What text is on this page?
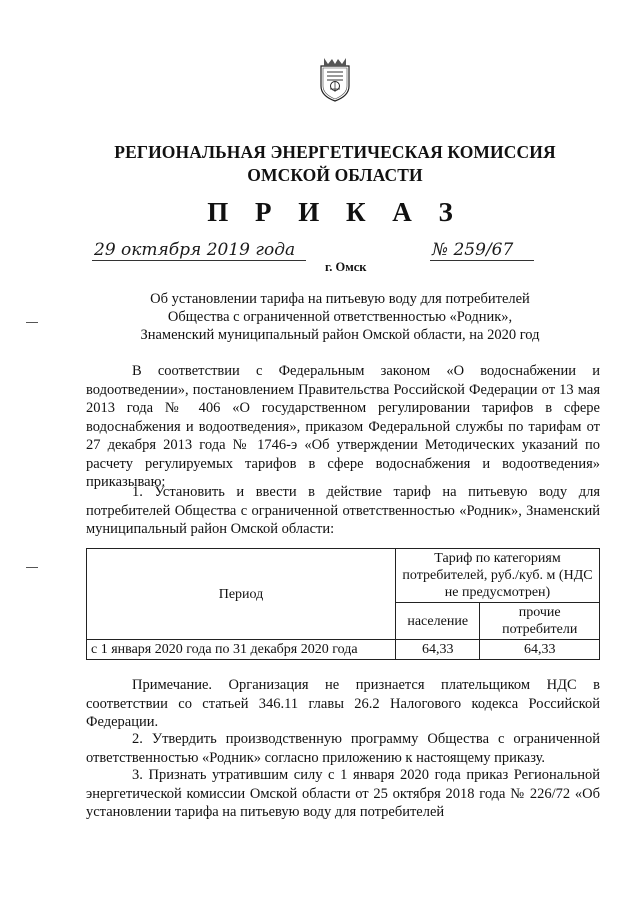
РЕГИОНАЛЬНАЯ ЭНЕРГЕТИЧЕСКАЯ КОМИССИЯ
ОМСКОЙ ОБЛАСТИ
П Р И К А З
29 октября 2019 года	№ 259/67
г. Омск
Об установлении тарифа на питьевую воду для потребителей
Общества с ограниченной ответственностью «Родник»,
Знаменский муниципальный район Омской области, на 2020 год
В соответствии с Федеральным законом «О водоснабжении и водоотведении», постановлением Правительства Российской Федерации от 13 мая 2013 года № 406 «О государственном регулировании тарифов в сфере водоснабжения и водоотведения», приказом Федеральной службы по тарифам от 27 декабря 2013 года № 1746-э «Об утверждении Методических указаний по расчету регулируемых тарифов в сфере водоснабжения и водоотведения» приказываю:
1. Установить и ввести в действие тариф на питьевую воду для потребителей Общества с ограниченной ответственностью «Родник», Знаменский муниципальный район Омской области:
Период	Тариф по категориям потребителей, руб./куб. м (НДС не предусмотрен)	
	население	прочие потребители
с 1 января 2020 года по 31 декабря 2020 года	64,33	64,33
Примечание. Организация не признается плательщиком НДС в соответствии со статьей 346.11 главы 26.2 Налогового кодекса Российской Федерации.
2. Утвердить производственную программу Общества с ограниченной ответственностью «Родник» согласно приложению к настоящему приказу.
3. Признать утратившим силу с 1 января 2020 года приказ Региональной энергетической комиссии Омской области от 25 октября 2018 года № 226/72 «Об установлении тарифа на питьевую воду для потребителей
